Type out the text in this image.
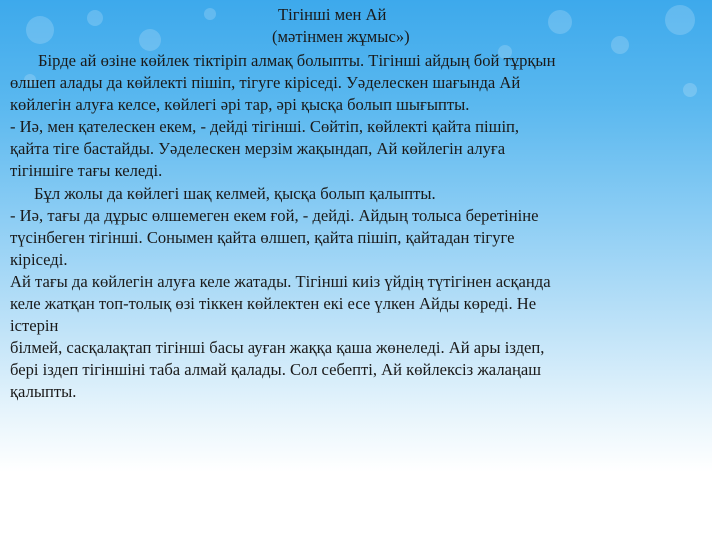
Тігінші мен Ай
(мәтінмен жұмыс»)

Бірде ай өзіне көйлек тіктіріп алмақ болыпты. Тігінші айдың бой тұрқын

өлшеп алады да көйлекті пішіп, тігуге кіріседі. Уәделескен шағында Ай

көйлегін алуға келсе, көйлегі әрі тар, әрі қысқа болып шығыпты.

- Иә, мен қателескен екем, - дейді тігінші. Сөйтіп, көйлекті қайта пішіп,

қайта тігe бастайды. Уәделескен мерзім жақындап, Ай көйлегін алуға

тігіншіге тағы келеді.

Бұл жолы да көйлегі шақ келмей, қысқа болып қалыпты.

- Иә, тағы да дұрыс өлшемеген екем ғой, - дейді. Айдың толыса беретініне

түсінбеген тігінші. Сонымен қайта өлшеп, қайта пішіп, қайтадан тігуге

кіріседі.

Ай тағы да көйлегін алуға келе жатады. Тігінші киіз үйдің түтігінен асқанда

келе жатқан топ-толық өзі тіккен көйлектен екі есе үлкен Айды көреді. Не

істерін

білмей, сасқалақтап тігінші басы ауған жаққа қаша жөнеледі. Ай ары іздеп,

бері іздеп тігіншіні таба алмай қалады. Сол себепті, Ай көйлексіз жалаңаш

қалыпты.
